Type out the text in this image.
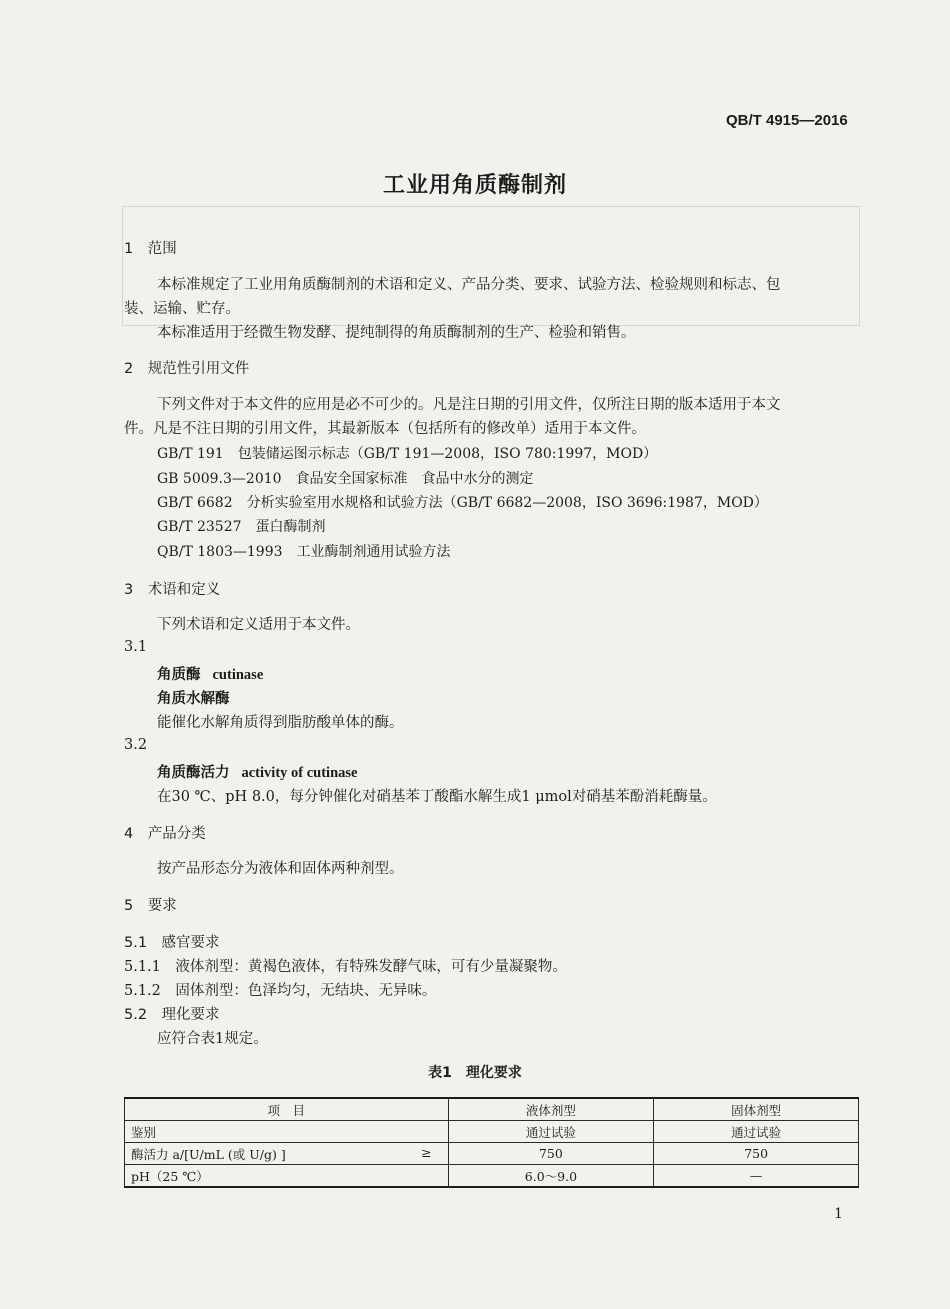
QB/T 4915—2016
工业用角质酶制剂
1　范围
本标准规定了工业用角质酶制剂的术语和定义、产品分类、要求、试验方法、检验规则和标志、包
装、运输、贮存。
本标准适用于经微生物发酵、提纯制得的角质酶制剂的生产、检验和销售。
2　规范性引用文件
下列文件对于本文件的应用是必不可少的。凡是注日期的引用文件，仅所注日期的版本适用于本文
件。凡是不注日期的引用文件，其最新版本（包括所有的修改单）适用于本文件。
GB/T 191　包装储运图示标志（GB/T 191—2008，ISO 780:1997，MOD）
GB 5009.3—2010　食品安全国家标准　食品中水分的测定
GB/T 6682　分析实验室用水规格和试验方法（GB/T 6682—2008，ISO 3696:1987，MOD）
GB/T 23527　蛋白酶制剂
QB/T 1803—1993　工业酶制剂通用试验方法
3　术语和定义
下列术语和定义适用于本文件。
3.1
角质酶 cutinase
角质水解酶
能催化水解角质得到脂肪酸单体的酶。
3.2
角质酶活力 activity of cutinase
在30 ℃、pH 8.0，每分钟催化对硝基苯丁酸酯水解生成1 μmol对硝基苯酚消耗酶量。
4　产品分类
按产品形态分为液体和固体两种剂型。
5　要求
5.1　感官要求
5.1.1　液体剂型：黄褐色液体，有特殊发酵气味，可有少量凝聚物。
5.1.2　固体剂型：色泽均匀，无结块、无异味。
5.2　理化要求
应符合表1规定。
表1　理化要求
项　目	液体剂型	固体剂型
鉴别	通过试验	通过试验
酶活力 a/[U/mL (或 U/g) ] ≥	750	750
pH（25 ℃）	6.0～9.0	—
1
